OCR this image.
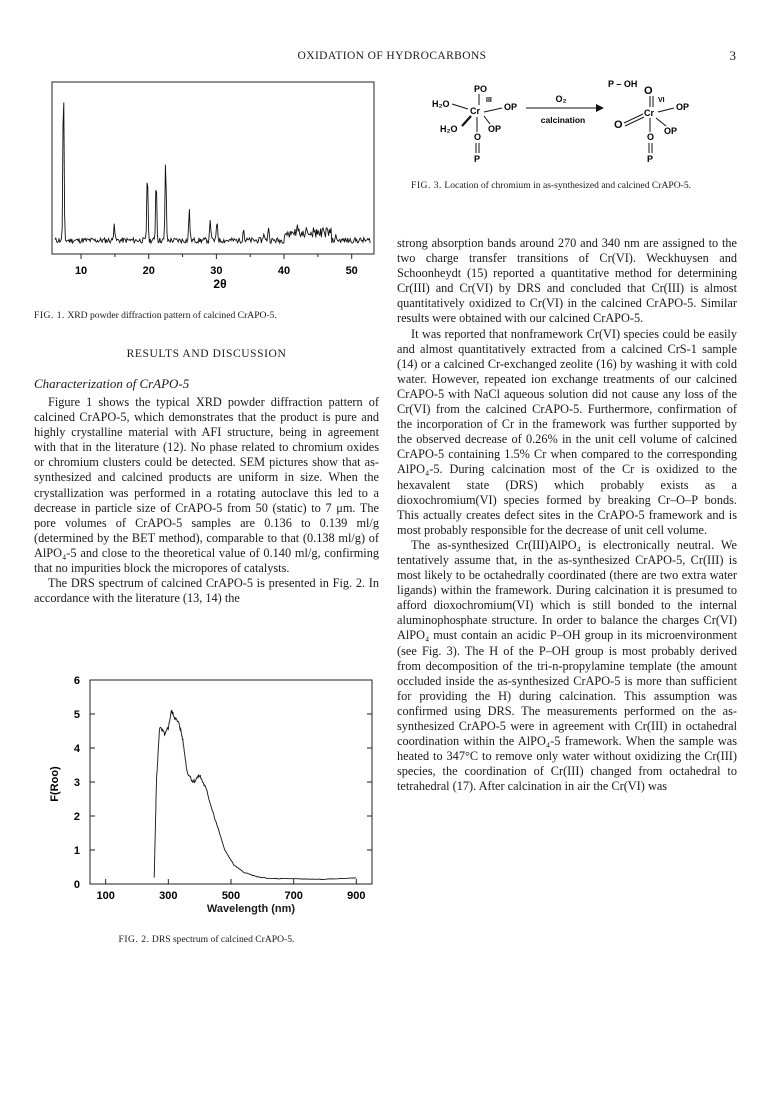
OXIDATION OF HYDROCARBONS	3
10	20	30	40	50
2θ
FIG. 1. XRD powder diffraction pattern of calcined CrAPO-5.
RESULTS AND DISCUSSION
Characterization of CrAPO-5

Figure 1 shows the typical XRD powder diffraction pattern of calcined CrAPO-5, which demonstrates that the product is pure and highly crystalline material with AFI structure, being in agreement with that in the literature (12). No phase related to chromium oxides or chromium clusters could be detected. SEM pictures show that as-synthesized and calcined products are uniform in size. When the crystallization was performed in a rotating autoclave this led to a decrease in particle size of CrAPO-5 from 50 (static) to 7 μm. The pore volumes of CrAPO-5 samples are 0.136 to 0.139 ml/g (determined by the BET method), comparable to that (0.138 ml/g) of AlPO₄-5 and close to the theoretical value of 0.140 ml/g, confirming that no impurities block the micropores of catalysts.

The DRS spectrum of calcined CrAPO-5 is presented in Fig. 2. In accordance with the literature (13, 14) the

100	300	500	700	900
0
1
2
3
4
5
6
F(Roo)
Wavelength (nm)
FIG. 2. DRS spectrum of calcined CrAPO-5.
PO
H₂O
Cr
III
OP
H₂O	OP
O
P
O₂
calcination
P – OH
O
Cr
VI
OP
O	OP
O
P
FIG. 3. Location of chromium in as-synthesized and calcined CrAPO-5.

strong absorption bands around 270 and 340 nm are assigned to the two charge transfer transitions of Cr(VI). Weckhuysen and Schoonheydt (15) reported a quantitative method for determining Cr(III) and Cr(VI) by DRS and concluded that Cr(III) is almost quantitatively oxidized to Cr(VI) in the calcined CrAPO-5. Similar results were obtained with our calcined CrAPO-5.

It was reported that nonframework Cr(VI) species could be easily and almost quantitatively extracted from a calcined CrS-1 sample (14) or a calcined Cr-exchanged zeolite (16) by washing it with cold water. However, repeated ion exchange treatments of our calcined CrAPO-5 with NaCl aqueous solution did not cause any loss of the Cr(VI) from the calcined CrAPO-5. Furthermore, confirmation of the incorporation of Cr in the framework was further supported by the observed decrease of 0.26% in the unit cell volume of calcined CrAPO-5 containing 1.5% Cr when compared to the corresponding AlPO₄-5. During calcination most of the Cr is oxidized to the hexavalent state (DRS) which probably exists as a dioxochromium(VI) species formed by breaking Cr–O–P bonds. This actually creates defect sites in the CrAPO-5 framework and is most probably responsible for the decrease of unit cell volume.

The as-synthesized Cr(III)AlPO₄ is electronically neutral. We tentatively assume that, in the as-synthesized CrAPO-5, Cr(III) is most likely to be octahedrally coordinated (there are two extra water ligands) within the framework. During calcination it is presumed to afford dioxochromium(VI) which is still bonded to the internal aluminophosphate structure. In order to balance the charges Cr(VI) AlPO₄ must contain an acidic P–OH group in its microenvironment (see Fig. 3). The H of the P–OH group is most probably derived from decomposition of the tri-n-propylamine template (the amount occluded inside the as-synthesized CrAPO-5 is more than sufficient for providing the H) during calcination. This assumption was confirmed using DRS. The measurements performed on the as-synthesized CrAPO-5 were in agreement with Cr(III) in octahedral coordination within the AlPO₄-5 framework. When the sample was heated to 347°C to remove only water without oxidizing the Cr(III) species, the coordination of Cr(III) changed from octahedral to tetrahedral (17). After calcination in air the Cr(VI) was
